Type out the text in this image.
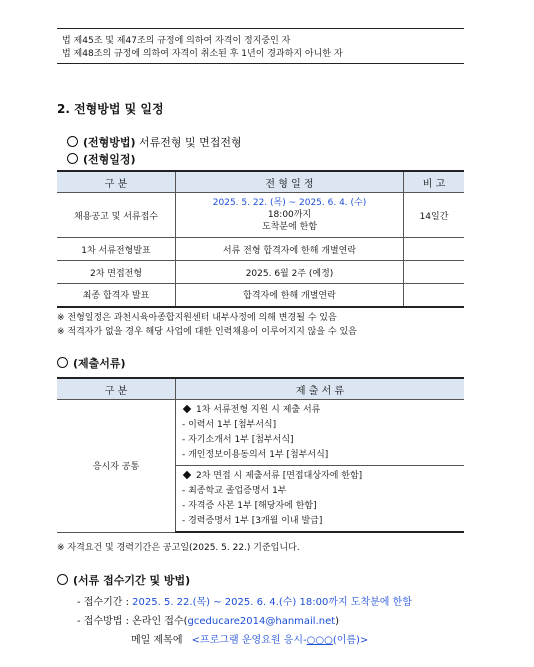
법 제45조 및 제47조의 규정에 의하여 자격이 정지중인 자
법 제48조의 규정에 의하여 자격이 취소된 후 1년이 경과하지 아니한 자
2. 전형방법 및 일정
(전형방법) 서류전형 및 면접전형
(전형일정)
구 분	전 형 일 정	비 고
채용공고 및 서류접수	2025. 5. 22. (목) ~ 2025. 6. 4. (수)
18:00까지
도착분에 한함	14일간
1차 서류전형발표	서류 전형 합격자에 한해 개별연락	
2차 면접전형	2025. 6월 2주 (예정)	
최종 합격자 발표	합격자에 한해 개별연락	
※ 전형일정은 과천시육아종합지원센터 내부사정에 의해 변경될 수 있음
※ 적격자가 없을 경우 해당 사업에 대한 인력채용이 이루어지지 않을 수 있음
(제출서류)
구 분	제 출 서 류
응시자 공통	1차 서류전형 지원 시 제출 서류
- 이력서 1부 [첨부서식]
- 자기소개서 1부 [첨부서식]
- 개인정보이용동의서 1부 [첨부서식]

	2차 면접 시 제출서류 [면접대상자에 한함]
- 최종학교 졸업증명서 1부
- 자격증 사본 1부 [해당자에 한함]
- 경력증명서 1부 [3개월 이내 발급]
※ 자격요건 및 경력기간은 공고일(2025. 5. 22.) 기준입니다.
(서류 접수기간 및 방법)
- 접수기간 : 2025. 5. 22.(목) ~ 2025. 6. 4.(수) 18:00까지 도착분에 한함
- 접수방법 : 온라인 접수(gceducare2014@hanmail.net)
메일 제목에 <프로그램 운영요원 응시-○○○(이름)>
